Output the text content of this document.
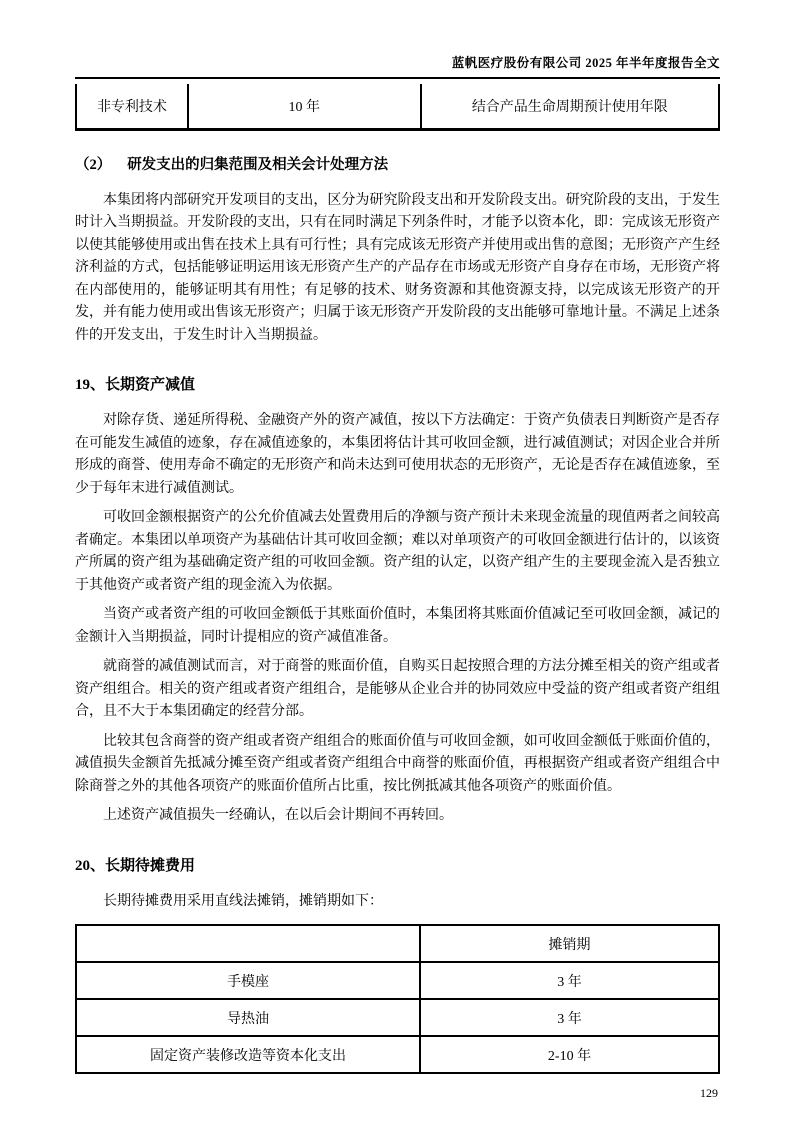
蓝帆医疗股份有限公司 2025 年半年度报告全文
非专利技术	10 年	结合产品生命周期预计使用年限
（2） 研发支出的归集范围及相关会计处理方法

本集团将内部研究开发项目的支出，区分为研究阶段支出和开发阶段支出。研究阶段的支出，于发生时计入当期损益。开发阶段的支出，只有在同时满足下列条件时，才能予以资本化，即：完成该无形资产以使其能够使用或出售在技术上具有可行性；具有完成该无形资产并使用或出售的意图；无形资产产生经济利益的方式，包括能够证明运用该无形资产生产的产品存在市场或无形资产自身存在市场，无形资产将在内部使用的，能够证明其有用性；有足够的技术、财务资源和其他资源支持，以完成该无形资产的开发，并有能力使用或出售该无形资产；归属于该无形资产开发阶段的支出能够可靠地计量。不满足上述条件的开发支出，于发生时计入当期损益。

19、长期资产减值

对除存货、递延所得税、金融资产外的资产减值，按以下方法确定：于资产负债表日判断资产是否存在可能发生减值的迹象，存在减值迹象的，本集团将估计其可收回金额，进行减值测试；对因企业合并所形成的商誉、使用寿命不确定的无形资产和尚未达到可使用状态的无形资产，无论是否存在减值迹象，至少于每年末进行减值测试。

可收回金额根据资产的公允价值减去处置费用后的净额与资产预计未来现金流量的现值两者之间较高者确定。本集团以单项资产为基础估计其可收回金额；难以对单项资产的可收回金额进行估计的，以该资产所属的资产组为基础确定资产组的可收回金额。资产组的认定，以资产组产生的主要现金流入是否独立于其他资产或者资产组的现金流入为依据。

当资产或者资产组的可收回金额低于其账面价值时，本集团将其账面价值减记至可收回金额，减记的金额计入当期损益，同时计提相应的资产减值准备。

就商誉的减值测试而言，对于商誉的账面价值，自购买日起按照合理的方法分摊至相关的资产组或者资产组组合。相关的资产组或者资产组组合，是能够从企业合并的协同效应中受益的资产组或者资产组组合，且不大于本集团确定的经营分部。

比较其包含商誉的资产组或者资产组组合的账面价值与可收回金额，如可收回金额低于账面价值的，减值损失金额首先抵减分摊至资产组或者资产组组合中商誉的账面价值，再根据资产组或者资产组组合中除商誉之外的其他各项资产的账面价值所占比重，按比例抵减其他各项资产的账面价值。

上述资产减值损失一经确认，在以后会计期间不再转回。

20、长期待摊费用

长期待摊费用采用直线法摊销，摊销期如下：

	摊销期
手模座	3 年
导热油	3 年
固定资产装修改造等资本化支出	2-10 年
129
